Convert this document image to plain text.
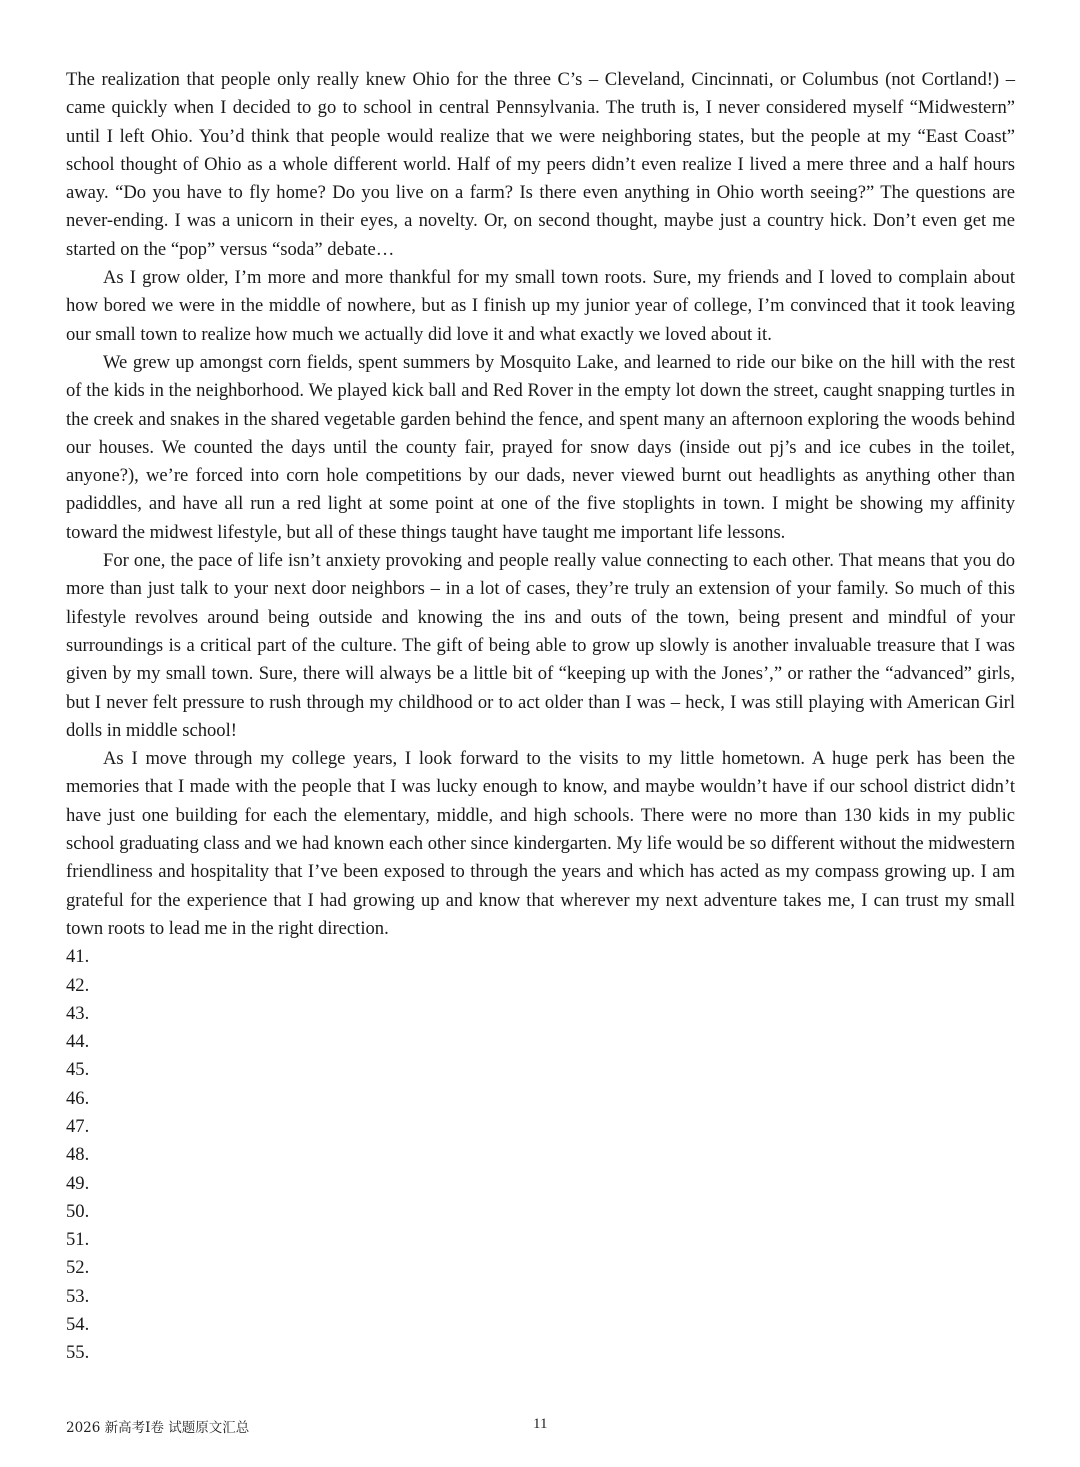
The realization that people only really knew Ohio for the three C’s – Cleveland, Cincinnati, or Columbus (not Cortland!) – came quickly when I decided to go to school in central Pennsylvania. The truth is, I never considered myself “Midwestern” until I left Ohio. You’d think that people would realize that we were neighboring states, but the people at my “East Coast” school thought of Ohio as a whole different world. Half of my peers didn’t even realize I lived a mere three and a half hours away. “Do you have to fly home? Do you live on a farm? Is there even anything in Ohio worth seeing?” The questions are never-ending. I was a unicorn in their eyes, a novelty. Or, on second thought, maybe just a country hick. Don’t even get me started on the “pop” versus “soda” debate…

As I grow older, I’m more and more thankful for my small town roots. Sure, my friends and I loved to complain about how bored we were in the middle of nowhere, but as I finish up my junior year of college, I’m convinced that it took leaving our small town to realize how much we actually did love it and what exactly we loved about it.

We grew up amongst corn fields, spent summers by Mosquito Lake, and learned to ride our bike on the hill with the rest of the kids in the neighborhood. We played kick ball and Red Rover in the empty lot down the street, caught snapping turtles in the creek and snakes in the shared vegetable garden behind the fence, and spent many an afternoon exploring the woods behind our houses. We counted the days until the county fair, prayed for snow days (inside out pj’s and ice cubes in the toilet, anyone?), we’re forced into corn hole competitions by our dads, never viewed burnt out headlights as anything other than padiddles, and have all run a red light at some point at one of the five stoplights in town. I might be showing my affinity toward the midwest lifestyle, but all of these things taught have taught me important life lessons.

For one, the pace of life isn’t anxiety provoking and people really value connecting to each other. That means that you do more than just talk to your next door neighbors – in a lot of cases, they’re truly an extension of your family. So much of this lifestyle revolves around being outside and knowing the ins and outs of the town, being present and mindful of your surroundings is a critical part of the culture. The gift of being able to grow up slowly is another invaluable treasure that I was given by my small town. Sure, there will always be a little bit of “keeping up with the Jones’,” or rather the “advanced” girls, but I never felt pressure to rush through my childhood or to act older than I was – heck, I was still playing with American Girl dolls in middle school!

As I move through my college years, I look forward to the visits to my little hometown. A huge perk has been the memories that I made with the people that I was lucky enough to know, and maybe wouldn’t have if our school district didn’t have just one building for each the elementary, middle, and high schools. There were no more than 130 kids in my public school graduating class and we had known each other since kindergarten. My life would be so different without the midwestern friendliness and hospitality that I’ve been exposed to through the years and which has acted as my compass growing up. I am grateful for the experience that I had growing up and know that wherever my next adventure takes me, I can trust my small town roots to lead me in the right direction.

41.
42.
43.
44.
45.
46.
47.
48.
49.
50.
51.
52.
53.
54.
55.
2026 新高考I卷 试题原文汇总	11
